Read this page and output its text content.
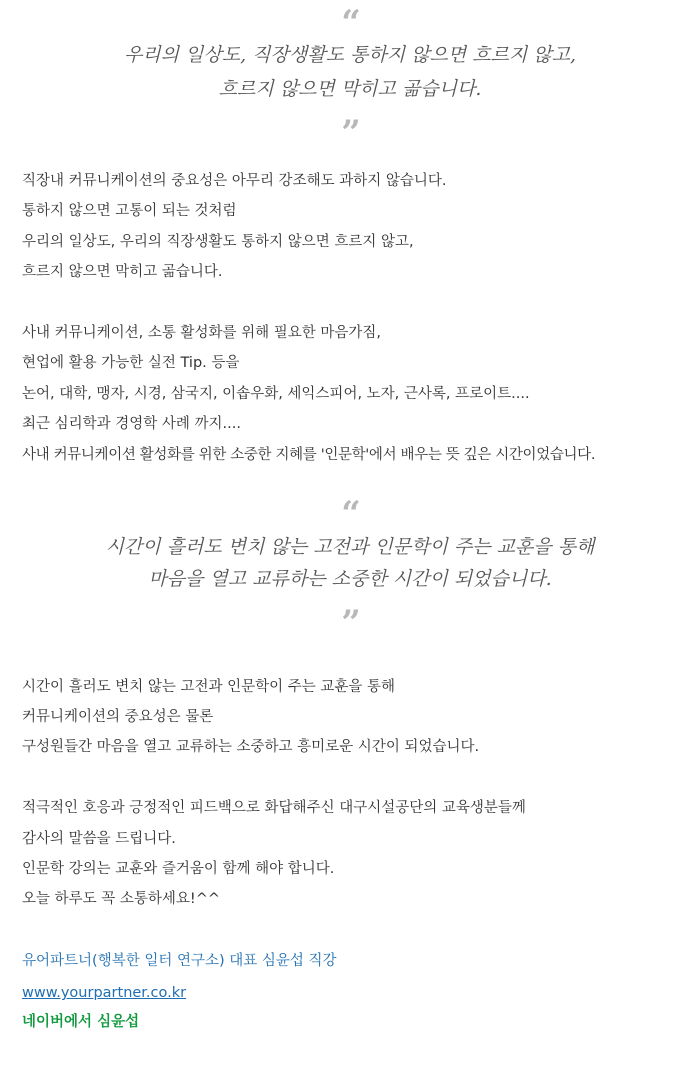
“
우리의 일상도, 직장생활도 통하지 않으면 흐르지 않고,
흐르지 않으면 막히고 곪습니다.
”
직장내 커뮤니케이션의 중요성은 아무리 강조해도 과하지 않습니다.
통하지 않으면 고통이 되는 것처럼
우리의 일상도, 우리의 직장생활도 통하지 않으면 흐르지 않고,
흐르지 않으면 막히고 곪습니다.
사내 커뮤니케이션, 소통 활성화를 위해 필요한 마음가짐,
현업에 활용 가능한 실전 Tip. 등을
논어, 대학, 맹자, 시경, 삼국지, 이솝우화, 세익스피어, 노자, 근사록, 프로이트....
최근 심리학과 경영학 사례 까지....
사내 커뮤니케이션 활성화를 위한 소중한 지혜를 '인문학'에서 배우는 뜻 깊은 시간이었습니다.
“
시간이 흘러도 변치 않는 고전과 인문학이 주는 교훈을 통해
마음을 열고 교류하는 소중한 시간이 되었습니다.
”
시간이 흘러도 변치 않는 고전과 인문학이 주는 교훈을 통해
커뮤니케이션의 중요성은 물론
구성원들간 마음을 열고 교류하는 소중하고 흥미로운 시간이 되었습니다.
적극적인 호응과 긍정적인 피드백으로 화답해주신 대구시설공단의 교육생분들께
감사의 말씀을 드립니다.
인문학 강의는 교훈와 즐거움이 함께 해야 합니다.
오늘 하루도 꼭 소통하세요!^^
유어파트너(행복한 일터 연구소) 대표 심윤섭 직강
www.yourpartner.co.kr
네이버에서 심윤섭
